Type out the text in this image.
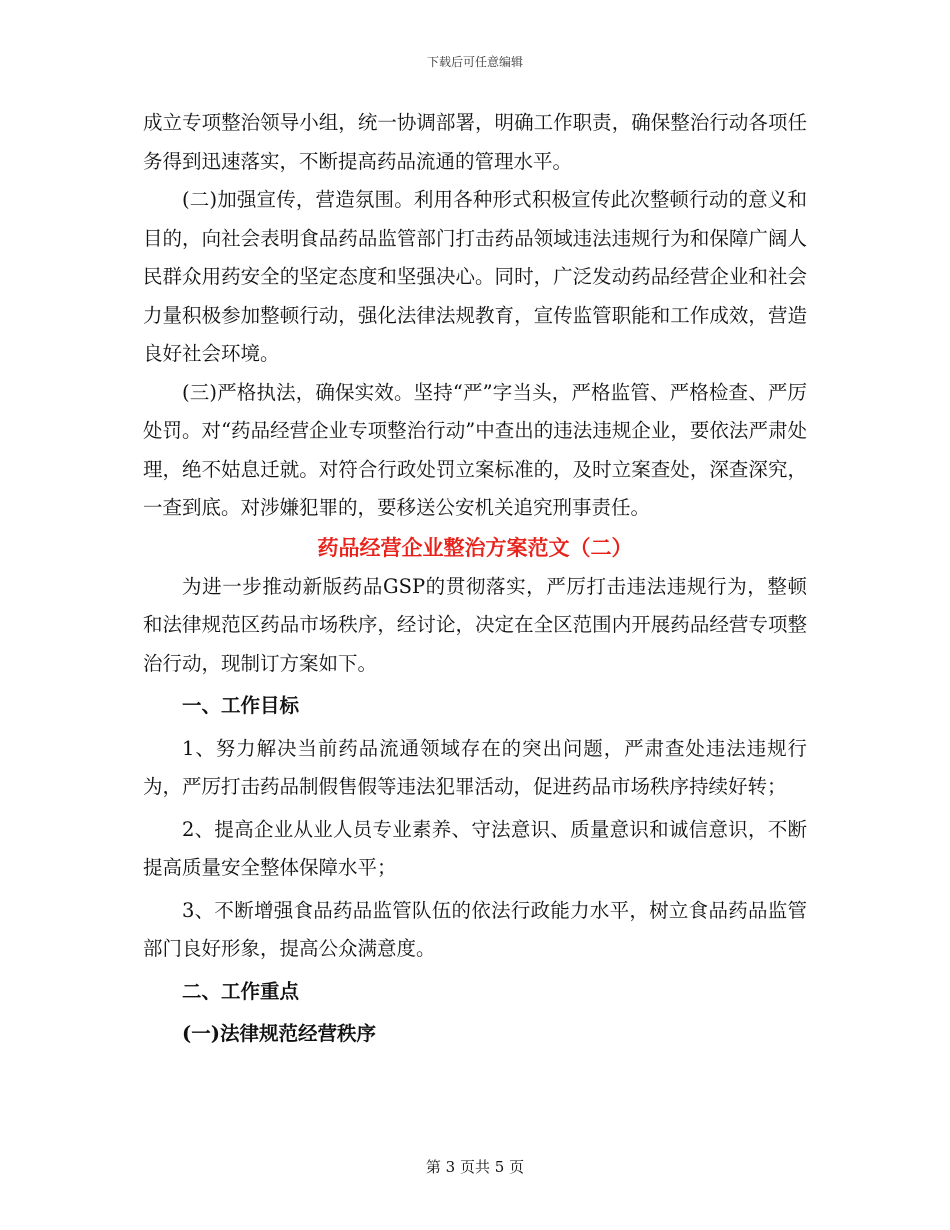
下载后可任意编辑

成立专项整治领导小组，统一协调部署，明确工作职责，确保整治行动各项任务得到迅速落实，不断提高药品流通的管理水平。

(二)加强宣传，营造氛围。利用各种形式积极宣传此次整顿行动的意义和目的，向社会表明食品药品监管部门打击药品领域违法违规行为和保障广阔人民群众用药安全的坚定态度和坚强决心。同时，广泛发动药品经营企业和社会力量积极参加整顿行动，强化法律法规教育，宣传监管职能和工作成效，营造良好社会环境。

(三)严格执法，确保实效。坚持“严”字当头，严格监管、严格检查、严厉处罚。对“药品经营企业专项整治行动”中查出的违法违规企业，要依法严肃处理，绝不姑息迁就。对符合行政处罚立案标准的，及时立案查处，深查深究，一查到底。对涉嫌犯罪的，要移送公安机关追究刑事责任。

药品经营企业整治方案范文（二）

为进一步推动新版药品GSP的贯彻落实，严厉打击违法违规行为，整顿和法律规范区药品市场秩序，经讨论，决定在全区范围内开展药品经营专项整治行动，现制订方案如下。

一、工作目标

1、努力解决当前药品流通领域存在的突出问题，严肃查处违法违规行为，严厉打击药品制假售假等违法犯罪活动，促进药品市场秩序持续好转；

2、提高企业从业人员专业素养、守法意识、质量意识和诚信意识，不断提高质量安全整体保障水平；

3、不断增强食品药品监管队伍的依法行政能力水平，树立食品药品监管部门良好形象，提高公众满意度。

二、工作重点

(一)法律规范经营秩序

第 3 页共 5 页
